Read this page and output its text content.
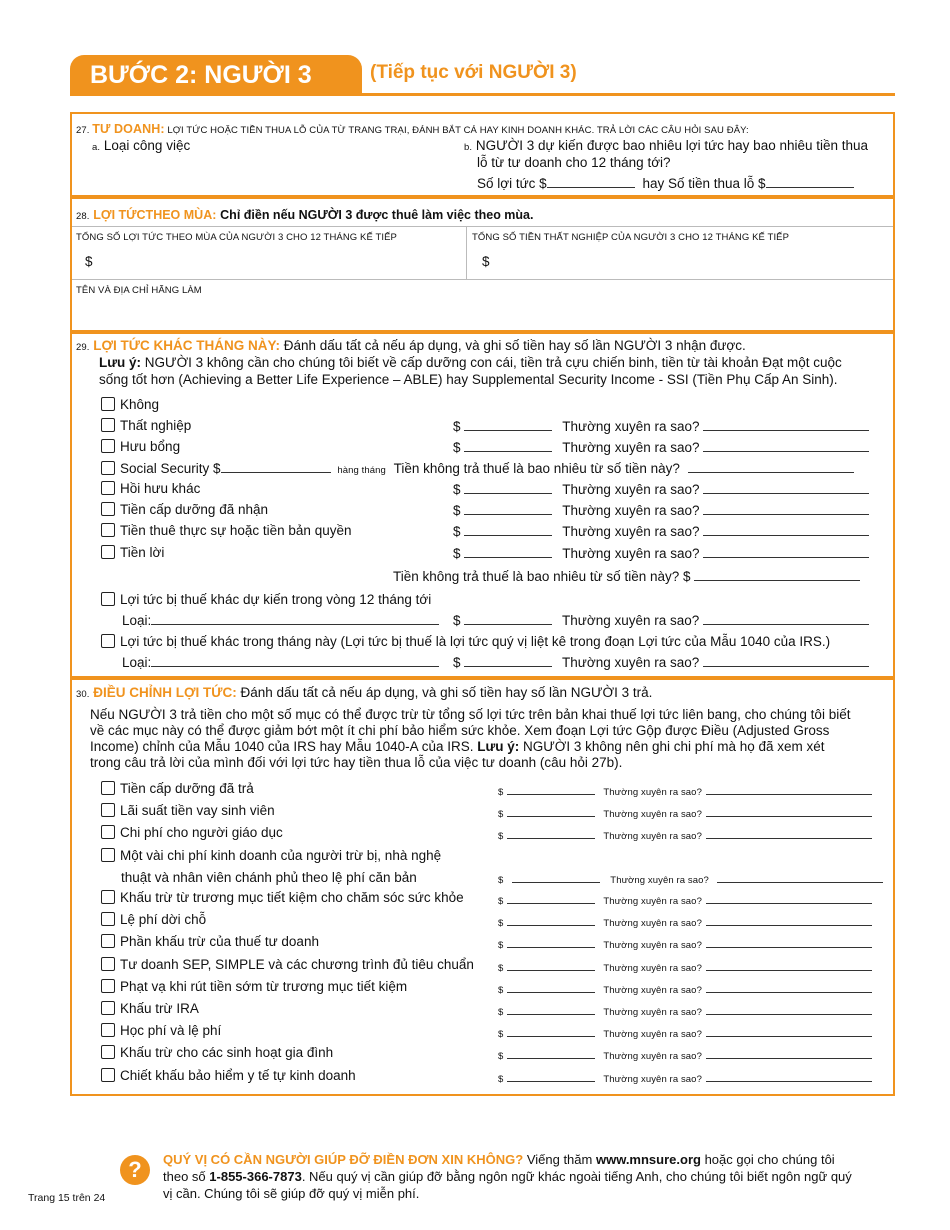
BƯỚC 2: NGƯỜI 3	(Tiếp tục với NGƯỜI 3)
27. TƯ DOANH: LỢI TỨC HOẶC TIỀN THUA LỖ CỦA TỪ TRANG TRẠI, ĐÁNH BẮT CÁ HAY KINH DOANH KHÁC. TRẢ LỜI CÁC CÂU HỎI SAU ĐÂY:
a. Loại công việc	b. NGƯỜI 3 dự kiến được bao nhiêu lợi tức hay bao nhiêu tiền thua
lỗ từ tư doanh cho 12 tháng tới?
Số lợi tức $	hay Số tiền thua lỗ $
28. LỢI TỨCTHEO MÙA: Chỉ điền nếu NGƯỜI 3 được thuê làm việc theo mùa.
TỔNG SỐ LỢI TỨC THEO MÙA CỦA NGƯỜI 3 CHO 12 THÁNG KẾ TIẾP	TỔNG SỐ TIỀN THẤT NGHIỆP CỦA NGƯỜI 3 CHO 12 THÁNG KẾ TIẾP
$	$
TÊN VÀ ĐỊA CHỈ HÃNG LÀM
29. LỢI TỨC KHÁC THÁNG NÀY: Đánh dấu tất cả nếu áp dụng, và ghi số tiền hay số lần NGƯỜI 3 nhận được.
Lưu ý: NGƯỜI 3 không cần cho chúng tôi biết về cấp dưỡng con cái, tiền trả cựu chiến binh, tiền từ tài khoản Đạt một cuộc
sống tốt hơn (Achieving a Better Life Experience – ABLE) hay Supplemental Security Income - SSI (Tiền Phụ Cấp An Sinh).
Không
Thất nghiệp	$	Thường xuyên ra sao?
Hưu bổng	$	Thường xuyên ra sao?
Hồi hưu khác	$	Thường xuyên ra sao?
Tiền cấp dưỡng đã nhận	$	Thường xuyên ra sao?
Tiền thuê thực sự hoặc tiền bản quyền	$	Thường xuyên ra sao?
Tiền lời	$	Thường xuyên ra sao?
Social Security $	hàng tháng Tiền không trả thuế là bao nhiêu từ số tiền này?
Tiền không trả thuế là bao nhiêu từ số tiền này? $
Lợi tức bị thuế khác dự kiến trong vòng 12 tháng tới
Loại:	$	Thường xuyên ra sao?
Lợi tức bị thuế khác trong tháng này (Lợi tức bị thuế là lợi tức quý vị liệt kê trong đoạn Lợi tức của Mẫu 1040 của IRS.)
Loại:	$	Thường xuyên ra sao?
30. ĐIỀU CHỈNH LỢI TỨC: Đánh dấu tất cả nếu áp dụng, và ghi số tiền hay số lần NGƯỜI 3 trả.
Nếu NGƯỜI 3 trả tiền cho một số mục có thể được trừ từ tổng số lợi tức trên bản khai thuế lợi tức liên bang, cho chúng tôi biết
về các mục này có thể được giảm bớt một ít chi phí bảo hiểm sức khỏe. Xem đoạn Lợi tức Gộp được Điều (Adjusted Gross
Income) chỉnh của Mẫu 1040 của IRS hay Mẫu 1040-A của IRS. Lưu ý: NGƯỜI 3 không nên ghi chi phí mà họ đã xem xét
trong câu trả lời của mình đối với lợi tức hay tiền thua lỗ của việc tư doanh (câu hỏi 27b).
Tiền cấp dưỡng đã trả	$	Thường xuyên ra sao?
Lãi suất tiền vay sinh viên	$	Thường xuyên ra sao?
Chi phí cho người giáo dục	$	Thường xuyên ra sao?
Khấu trừ từ trương mục tiết kiệm cho chăm sóc sức khỏe	$	Thường xuyên ra sao?
Lệ phí dời chỗ	$	Thường xuyên ra sao?
Phần khấu trừ của thuế tư doanh	$	Thường xuyên ra sao?
Tư doanh SEP, SIMPLE và các chương trình đủ tiêu chuẩn	$	Thường xuyên ra sao?
Phạt vạ khi rút tiền sớm từ trương mục tiết kiệm	$	Thường xuyên ra sao?
Khấu trừ IRA	$	Thường xuyên ra sao?
Học phí và lệ phí	$	Thường xuyên ra sao?
Khấu trừ cho các sinh hoạt gia đình	$	Thường xuyên ra sao?
Chiết khấu bảo hiểm y tế tự kinh doanh	$	Thường xuyên ra sao?
Một vài chi phí kinh doanh của người trừ bị, nhà nghệ
thuật và nhân viên chánh phủ theo lệ phí căn bản	$	Thường xuyên ra sao?
?	QUÝ VỊ CÓ CẦN NGƯỜI GIÚP ĐỠ ĐIỀN ĐƠN XIN KHÔNG? Viếng thăm www.mnsure.org hoặc gọi cho chúng tôi theo số 1-855-366-7873. Nếu quý vị cần giúp đỡ bằng ngôn ngữ khác ngoài tiếng Anh, cho chúng tôi biết ngôn ngữ quý vị cần. Chúng tôi sẽ giúp đỡ quý vị miễn phí.
Trang 15 trên 24
